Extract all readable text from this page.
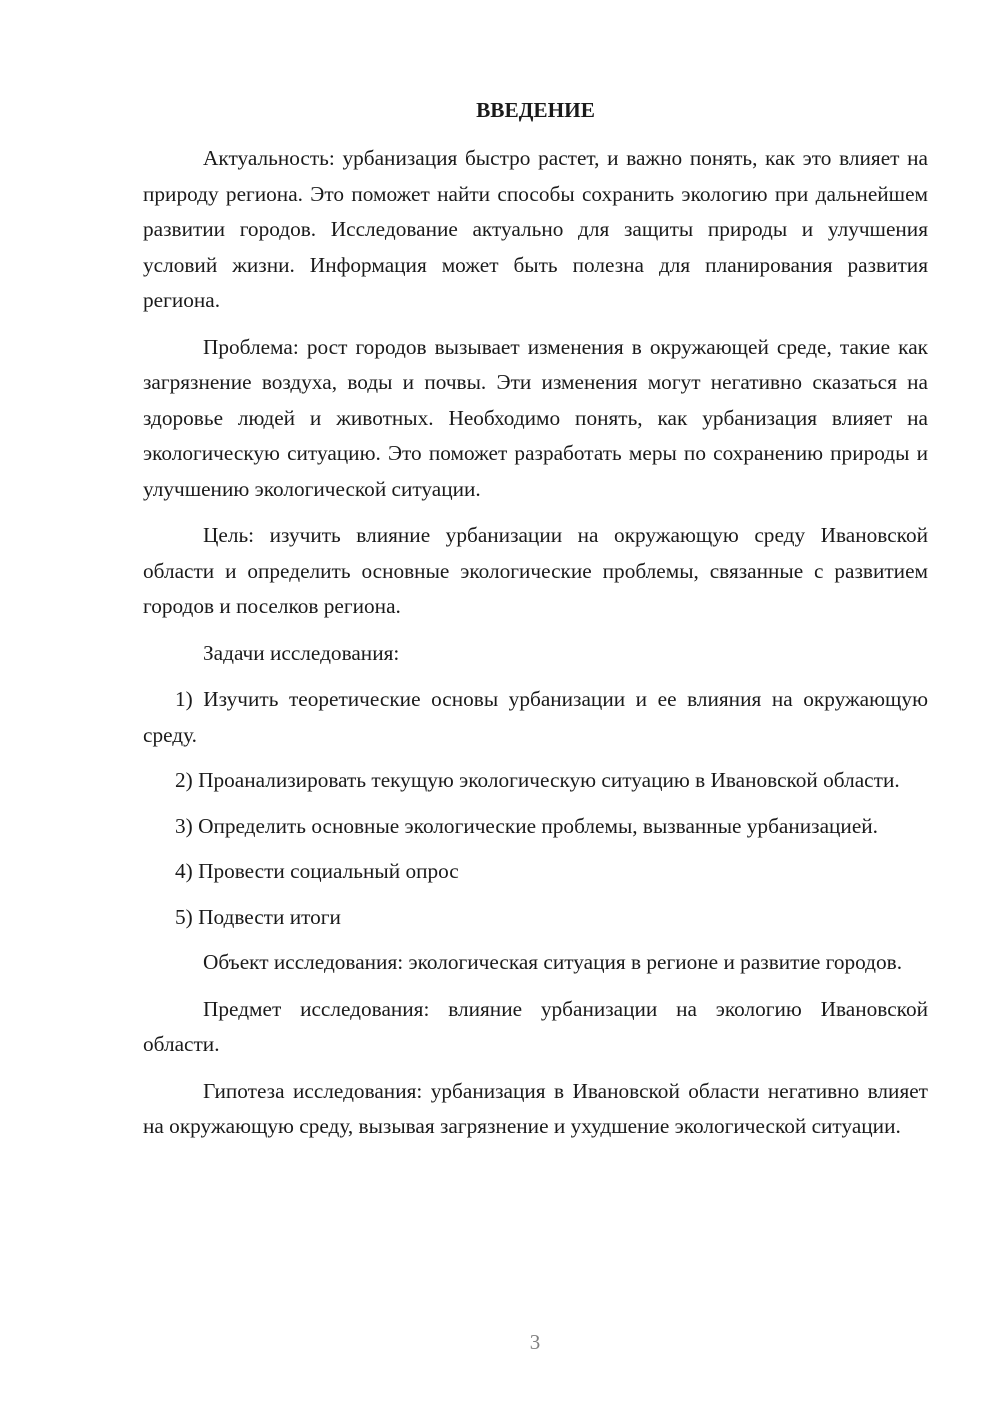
ВВЕДЕНИЕ

Актуальность: урбанизация быстро растет, и важно понять, как это влияет на природу региона. Это поможет найти способы сохранить экологию при дальнейшем развитии городов. Исследование актуально для защиты природы и улучшения условий жизни. Информация может быть полезна для планирования развития региона.

Проблема: рост городов вызывает изменения в окружающей среде, такие как загрязнение воздуха, воды и почвы. Эти изменения могут негативно сказаться на здоровье людей и животных. Необходимо понять, как урбанизация влияет на экологическую ситуацию. Это поможет разработать меры по сохранению природы и улучшению экологической ситуации.

Цель: изучить влияние урбанизации на окружающую среду Ивановской области и определить основные экологические проблемы, связанные с развитием городов и поселков региона.

Задачи исследования:

1) Изучить теоретические основы урбанизации и ее влияния на окружающую среду.

2) Проанализировать текущую экологическую ситуацию в Ивановской области.

3) Определить основные экологические проблемы, вызванные урбанизацией.

4) Провести социальный опрос

5) Подвести итоги

Объект исследования: экологическая ситуация в регионе и развитие городов.

Предмет исследования: влияние урбанизации на экологию Ивановской области.

Гипотеза исследования: урбанизация в Ивановской области негативно влияет на окружающую среду, вызывая загрязнение и ухудшение экологической ситуации.

3
